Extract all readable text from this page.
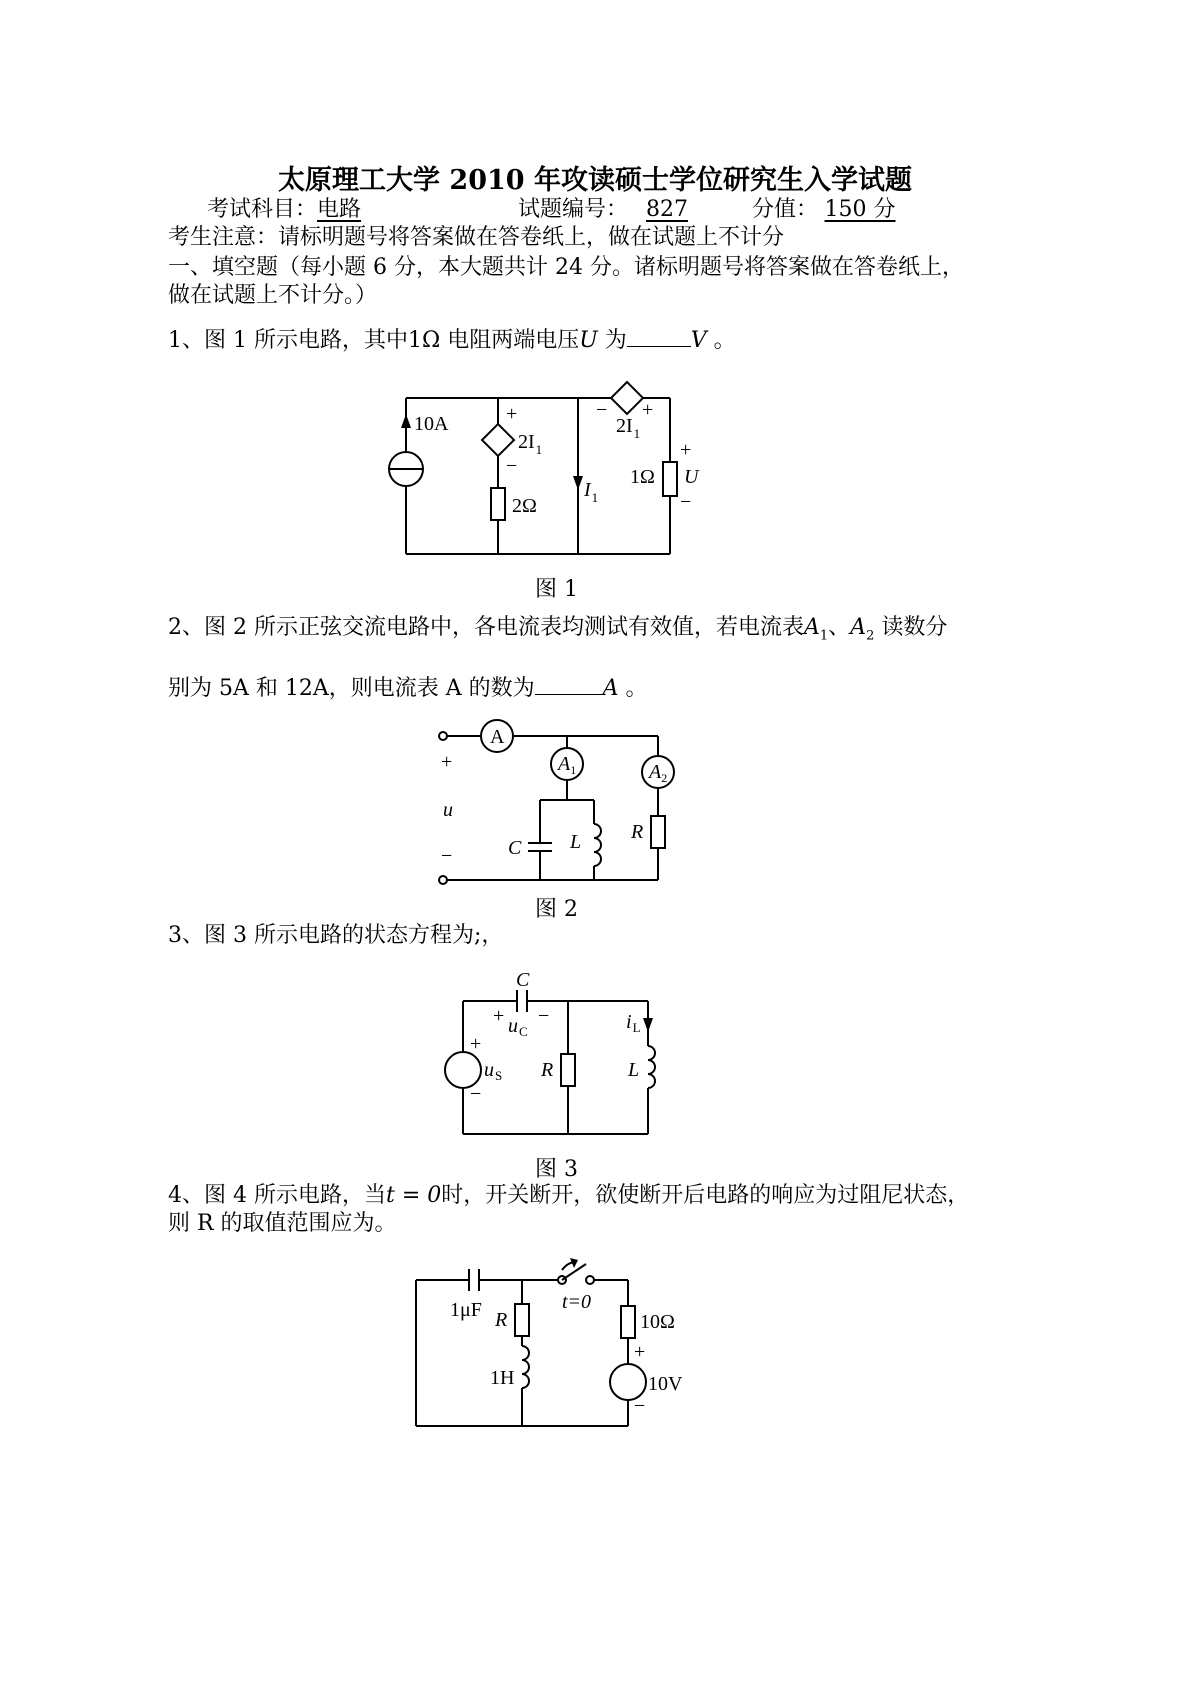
太原理工大学 2010 年攻读硕士学位研究生入学试题
考试科目：电路	试题编号： 827	分值： 150 分
考生注意：请标明题号将答案做在答卷纸上，做在试题上不计分
一、填空题（每小题 6 分，本大题共计 24 分。诸标明题号将答案做在答卷纸上，
做在试题上不计分。）
1、图 1 所示电路，其中1Ω 电阻两端电压U 为	V 。
10A	+
$2I_1$
−
2Ω
$I_1$
− +
$2I_1$
+
1Ω U
−
A
$A_1$	$A_2$
+
u
−	C L R
C
+ $u_C$
−
+
$u_S$
−
R
$i_L$
L
1μF R
1H
t=0
10Ω
+
10V
−
图 1
2、图 2 所示正弦交流电路中，各电流表均测试有效值，若电流表$A_1$、$A_2$ 读数分
别为 5A 和 12A，则电流表 A 的数为	A 。
图 2
3、图 3 所示电路的状态方程为;，
图 3
4、图 4 所示电路，当t = 0时，开关断开，欲使断开后电路的响应为过阻尼状态，
则 R 的取值范围应为。
